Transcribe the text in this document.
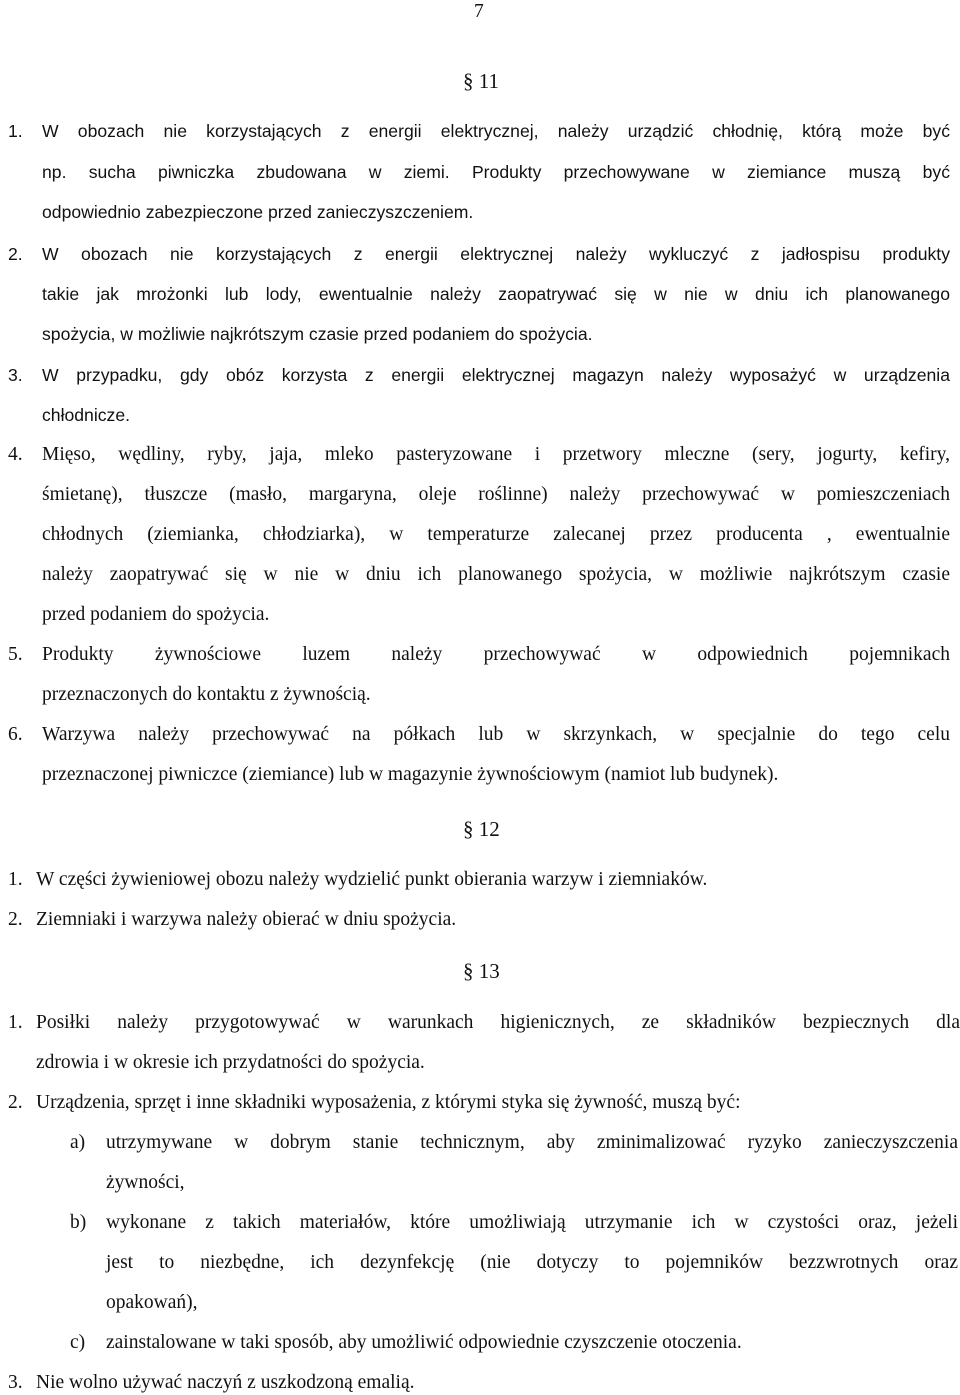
7
§ 11
1. W obozach nie korzystających z energii elektrycznej, należy urządzić chłodnię, którą może być
np. sucha piwniczka zbudowana w ziemi. Produkty przechowywane w ziemiance muszą być
odpowiednio zabezpieczone przed zanieczyszczeniem.
2. W obozach nie korzystających z energii elektrycznej należy wykluczyć z jadłospisu produkty
takie jak mrożonki lub lody, ewentualnie należy zaopatrywać się w nie w dniu ich planowanego
spożycia, w możliwie najkrótszym czasie przed podaniem do spożycia.
3. W przypadku, gdy obóz korzysta z energii elektrycznej magazyn należy wyposażyć w urządzenia
chłodnicze.
4. Mięso, wędliny, ryby, jaja, mleko pasteryzowane i przetwory mleczne (sery, jogurty, kefiry,
śmietanę), tłuszcze (masło, margaryna, oleje roślinne) należy przechowywać w pomieszczeniach
chłodnych (ziemianka, chłodziarka), w temperaturze zalecanej przez producenta , ewentualnie
należy zaopatrywać się w nie w dniu ich planowanego spożycia, w możliwie najkrótszym czasie
przed podaniem do spożycia.
5. Produkty żywnościowe luzem należy przechowywać w odpowiednich pojemnikach
przeznaczonych do kontaktu z żywnością.
6. Warzywa należy przechowywać na półkach lub w skrzynkach, w specjalnie do tego celu
przeznaczonej piwniczce (ziemiance) lub w magazynie żywnościowym (namiot lub budynek).
§ 12
1. W części żywieniowej obozu należy wydzielić punkt obierania warzyw i ziemniaków.
2. Ziemniaki i warzywa należy obierać w dniu spożycia.
§ 13
1. Posiłki należy przygotowywać w warunkach higienicznych, ze składników bezpiecznych dla
zdrowia i w okresie ich przydatności do spożycia.
2. Urządzenia, sprzęt i inne składniki wyposażenia, z którymi styka się żywność, muszą być:
a) utrzymywane w dobrym stanie technicznym, aby zminimalizować ryzyko zanieczyszczenia
żywności,
b) wykonane z takich materiałów, które umożliwiają utrzymanie ich w czystości oraz, jeżeli
jest to niezbędne, ich dezynfekcję (nie dotyczy to pojemników bezzwrotnych oraz
opakowań),
c) zainstalowane w taki sposób, aby umożliwić odpowiednie czyszczenie otoczenia.
3. Nie wolno używać naczyń z uszkodzoną emalią.
